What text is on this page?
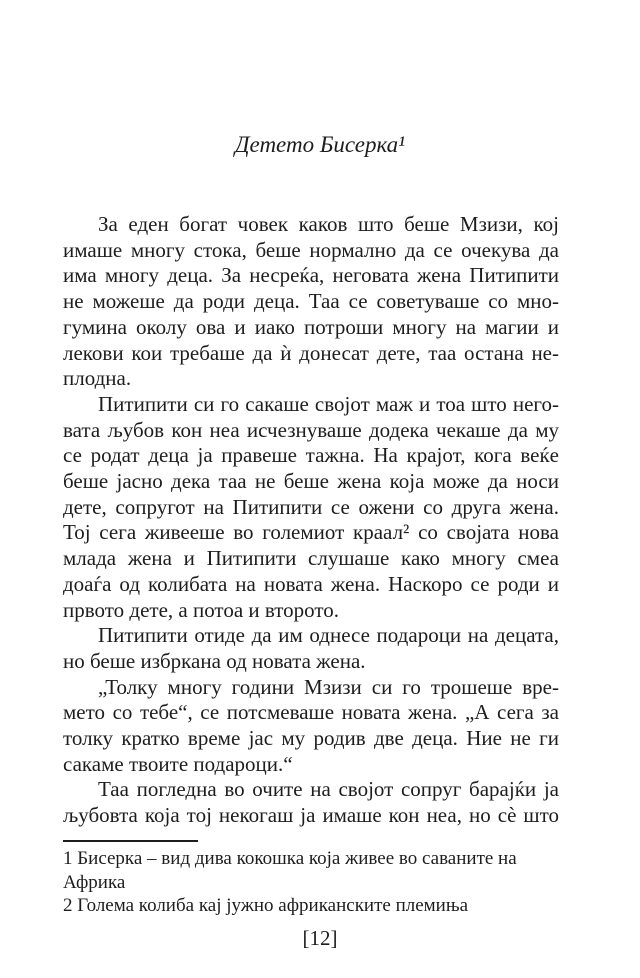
Детето Бисерка¹
За еден богат човек каков што беше Мзизи, кој
имаше многу стока, беше нормално да се очекува да
има многу деца. За несреќа, неговата жена Питипити
не можеше да роди деца. Таа се советуваше со мно-
гумина околу ова и иако потроши многу на магии и
лекови кои требаше да ѝ донесат дете, таа остана не-
плодна.
Питипити си го сакаше својот маж и тоа што него-
вата љубов кон неа исчезнуваше додека чекаше да му
се родат деца ја правеше тажна. На крајот, кога веќе
беше јасно дека таа не беше жена која може да носи
дете, сопругот на Питипити се ожени со друга жена.
Тој сега живееше во големиот краал² со својата нова
млада жена и Питипити слушаше како многу смеа
доаѓа од колибата на новата жена. Наскоро се роди и
првото дете, а потоа и второто.
Питипити отиде да им однесе подароци на децата,
но беше избркана од новата жена.
„Толку многу години Мзизи си го трошеше вре-
мето со тебе“, се потсмеваше новата жена. „А сега за
толку кратко време јас му родив две деца. Ние не ги
сакаме твоите подароци.“
Таа погледна во очите на својот сопруг барајќи ја
љубовта која тој некогаш ја имаше кон неа, но сѐ што
1 Бисерка – вид дива кокошка која живее во саваните на
Африка
2 Голема колиба кај јужно африканските племиња
[12]
